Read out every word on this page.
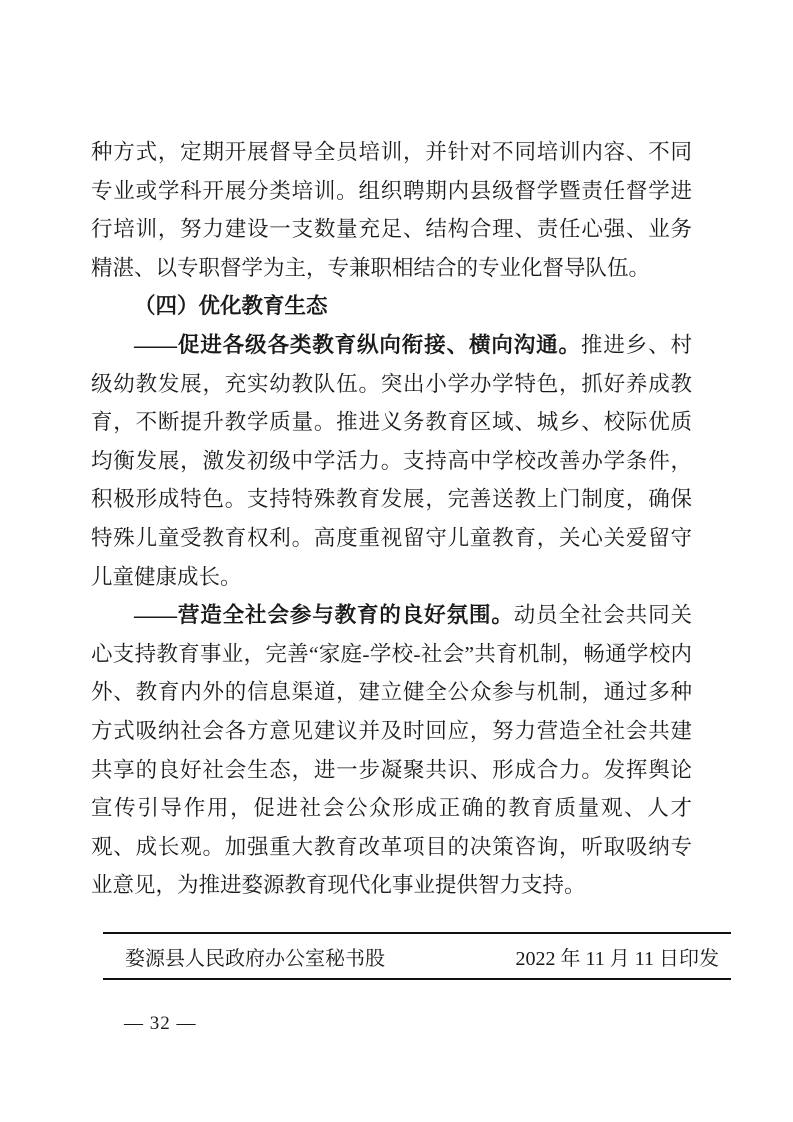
种方式，定期开展督导全员培训，并针对不同培训内容、不同专业或学科开展分类培训。组织聘期内县级督学暨责任督学进行培训，努力建设一支数量充足、结构合理、责任心强、业务精湛、以专职督学为主，专兼职相结合的专业化督导队伍。

（四）优化教育生态

——促进各级各类教育纵向衔接、横向沟通。推进乡、村级幼教发展，充实幼教队伍。突出小学办学特色，抓好养成教育，不断提升教学质量。推进义务教育区域、城乡、校际优质均衡发展，激发初级中学活力。支持高中学校改善办学条件，积极形成特色。支持特殊教育发展，完善送教上门制度，确保特殊儿童受教育权利。高度重视留守儿童教育，关心关爱留守儿童健康成长。

——营造全社会参与教育的良好氛围。动员全社会共同关心支持教育事业，完善“家庭-学校-社会”共育机制，畅通学校内外、教育内外的信息渠道，建立健全公众参与机制，通过多种方式吸纳社会各方意见建议并及时回应，努力营造全社会共建共享的良好社会生态，进一步凝聚共识、形成合力。发挥舆论宣传引导作用，促进社会公众形成正确的教育质量观、人才观、成长观。加强重大教育改革项目的决策咨询，听取吸纳专业意见，为推进婺源教育现代化事业提供智力支持。

婺源县人民政府办公室秘书股	2022 年 11 月 11 日印发
— 32 —
